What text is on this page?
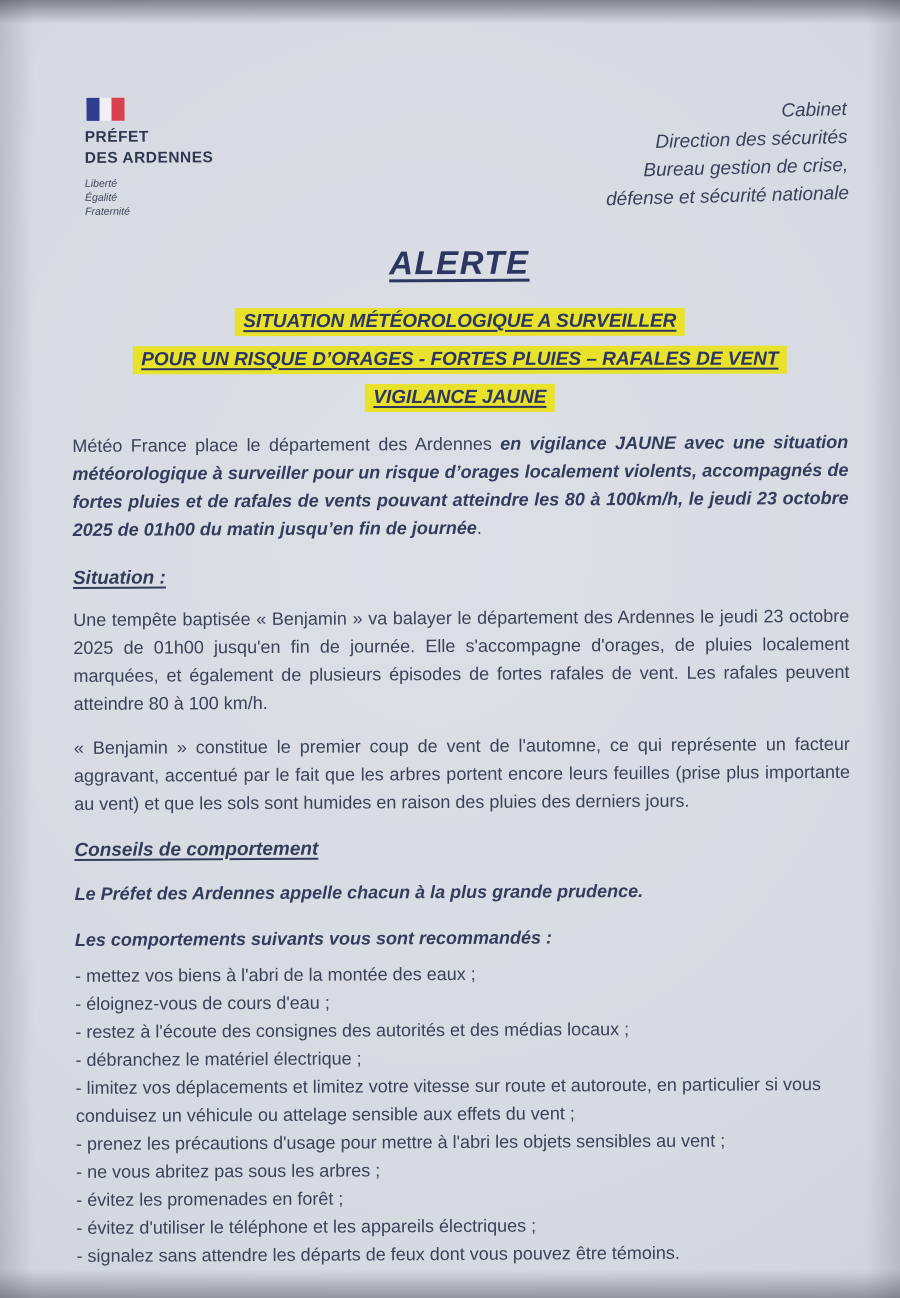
PRÉFET
DES ARDENNES
Liberté
Égalité
Fraternité
Cabinet
Direction des sécurités
Bureau gestion de crise,
défense et sécurité nationale
ALERTE
SITUATION MÉTÉOROLOGIQUE A SURVEILLER
POUR UN RISQUE D’ORAGES - FORTES PLUIES – RAFALES DE VENT
VIGILANCE JAUNE

Météo France place le département des Ardennes en vigilance JAUNE avec une situation météorologique à surveiller pour un risque d’orages localement violents, accompagnés de fortes pluies et de rafales de vents pouvant atteindre les 80 à 100km/h, le jeudi 23 octobre 2025 de 01h00 du matin jusqu’en fin de journée.

Situation :

Une tempête baptisée « Benjamin » va balayer le département des Ardennes le jeudi 23 octobre 2025 de 01h00 jusqu'en fin de journée. Elle s'accompagne d'orages, de pluies localement marquées, et également de plusieurs épisodes de fortes rafales de vent. Les rafales peuvent atteindre 80 à 100 km/h.

« Benjamin » constitue le premier coup de vent de l'automne, ce qui représente un facteur aggravant, accentué par le fait que les arbres portent encore leurs feuilles (prise plus importante au vent) et que les sols sont humides en raison des pluies des derniers jours.

Conseils de comportement

Le Préfet des Ardennes appelle chacun à la plus grande prudence.

Les comportements suivants vous sont recommandés :

- mettez vos biens à l'abri de la montée des eaux ;

- éloignez-vous de cours d'eau ;

- restez à l'écoute des consignes des autorités et des médias locaux ;

- débranchez le matériel électrique ;

- limitez vos déplacements et limitez votre vitesse sur route et autoroute, en particulier si vous conduisez un véhicule ou attelage sensible aux effets du vent ;

- prenez les précautions d'usage pour mettre à l'abri les objets sensibles au vent ;

- ne vous abritez pas sous les arbres ;

- évitez les promenades en forêt ;

- évitez d'utiliser le téléphone et les appareils électriques ;

- signalez sans attendre les départs de feux dont vous pouvez être témoins.
